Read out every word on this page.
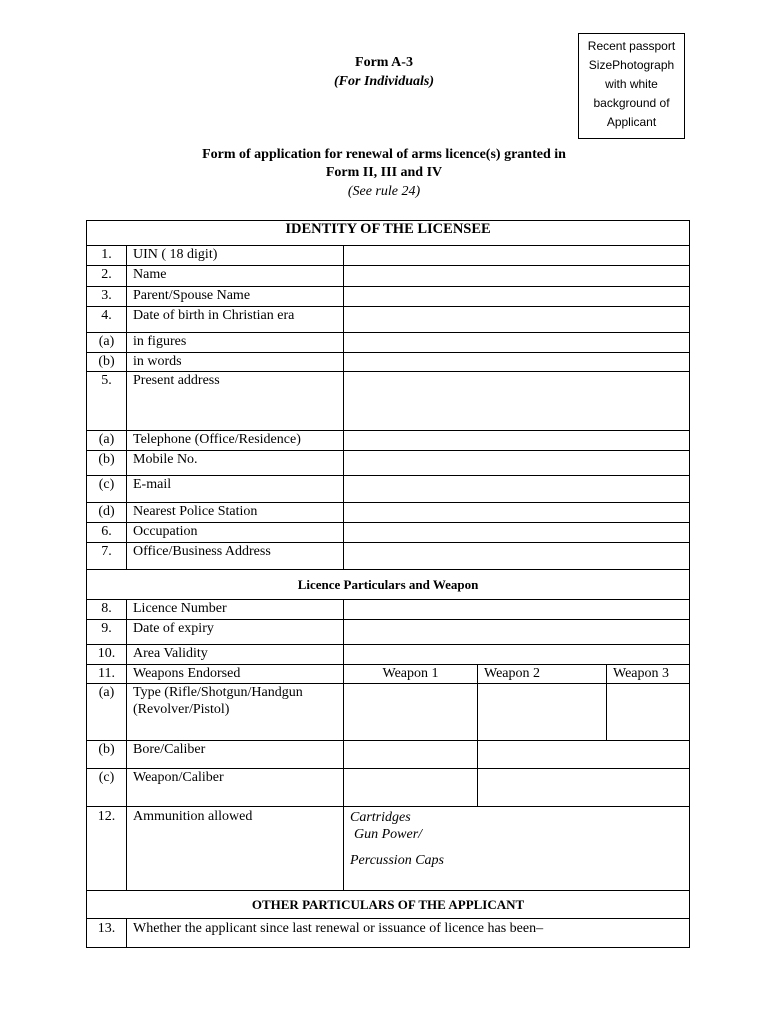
Recent passport
SizePhotograph
with white
background of
Applicant
Form A-3
(For Individuals)
Form of application for renewal of arms licence(s) granted in
Form II, III and IV
(See rule 24)
IDENTITY OF THE LICENSEE				
1.	UIN ( 18 digit)			
2.	Name			
3.	Parent/Spouse Name			
4.	Date of birth in Christian era			
(a)	in figures			
(b)	in words			
5.	Present address			
(a)	Telephone (Office/Residence)			
(b)	Mobile No.			
(c)	E-mail			
(d)	Nearest Police Station			
6.	Occupation			
7.	Office/Business Address			
Licence Particulars and Weapon				
8.	Licence Number			
9.	Date of expiry			
10.	Area Validity			
11.	Weapons Endorsed	Weapon 1	Weapon 2	Weapon 3
(a)	Type (Rifle/Shotgun/Handgun (Revolver/Pistol)			
(b)	Bore/Caliber			
(c)	Weapon/Caliber			
12.	Ammunition allowed	Cartridges
Gun Power/
Percussion Caps		

OTHER PARTICULARS OF THE APPLICANT				
13.	Whether the applicant since last renewal or issuance of licence has been–			
